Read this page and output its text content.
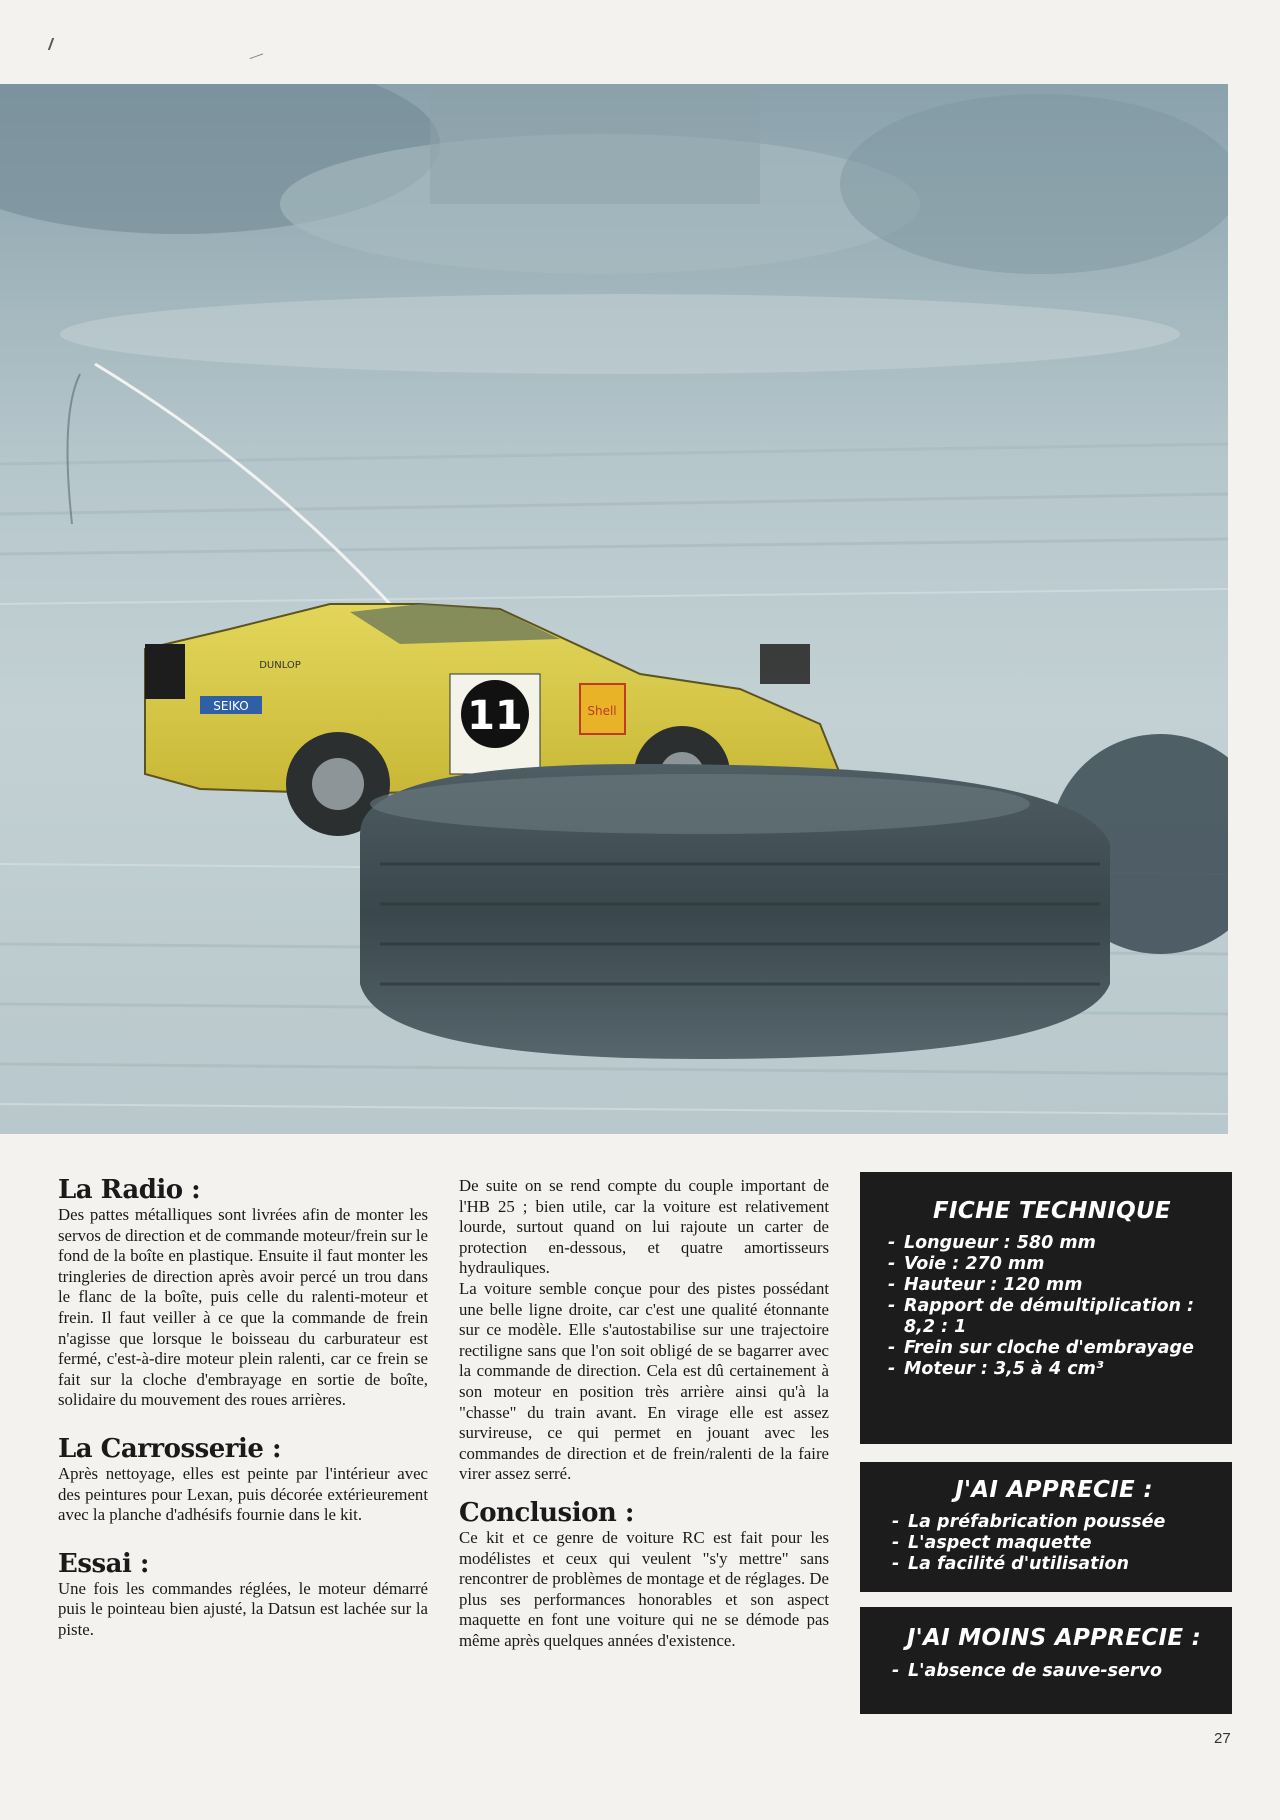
11	Shell
SEIKO
DUNLOP
La Radio :

Des pattes métalliques sont livrées afin de monter les servos de direction et de commande moteur/frein sur le fond de la boîte en plastique. Ensuite il faut monter les tringleries de direction après avoir percé un trou dans le flanc de la boîte, puis celle du ralenti-moteur et frein. Il faut veiller à ce que la commande de frein n'agisse que lorsque le boisseau du carburateur est fermé, c'est-à-dire moteur plein ralenti, car ce frein se fait sur la cloche d'embrayage en sortie de boîte, solidaire du mouvement des roues arrières.

La Carrosserie :

Après nettoyage, elles est peinte par l'intérieur avec des peintures pour Lexan, puis décorée extérieurement avec la planche d'adhésifs fournie dans le kit.

Essai :

Une fois les commandes réglées, le moteur démarré puis le pointeau bien ajusté, la Datsun est lachée sur la piste.

De suite on se rend compte du couple important de l'HB 25 ; bien utile, car la voiture est relativement lourde, surtout quand on lui rajoute un carter de protection en-dessous, et quatre amortisseurs hydrauliques.

La voiture semble conçue pour des pistes possédant une belle ligne droite, car c'est une qualité étonnante sur ce modèle. Elle s'autostabilise sur une trajectoire rectiligne sans que l'on soit obligé de se bagarrer avec la commande de direction. Cela est dû certainement à son moteur en position très arrière ainsi qu'à la "chasse" du train avant. En virage elle est assez survireuse, ce qui permet en jouant avec les commandes de direction et de frein/ralenti de la faire virer assez serré.

Conclusion :

Ce kit et ce genre de voiture RC est fait pour les modélistes et ceux qui veulent "s'y mettre" sans rencontrer de problèmes de montage et de réglages. De plus ses performances honorables et son aspect maquette en font une voiture qui ne se démode pas même après quelques années d'existence.

FICHE TECHNIQUE
- Longueur : 580 mm
- Voie : 270 mm
- Hauteur : 120 mm
- Rapport de démultiplication : 8,2 : 1
- Frein sur cloche d'embrayage
- Moteur : 3,5 à 4 cm³
J'AI APPRECIE :
- La préfabrication poussée
- L'aspect maquette
- La facilité d'utilisation
J'AI MOINS APPRECIE :
- L'absence de sauve-servo
27
